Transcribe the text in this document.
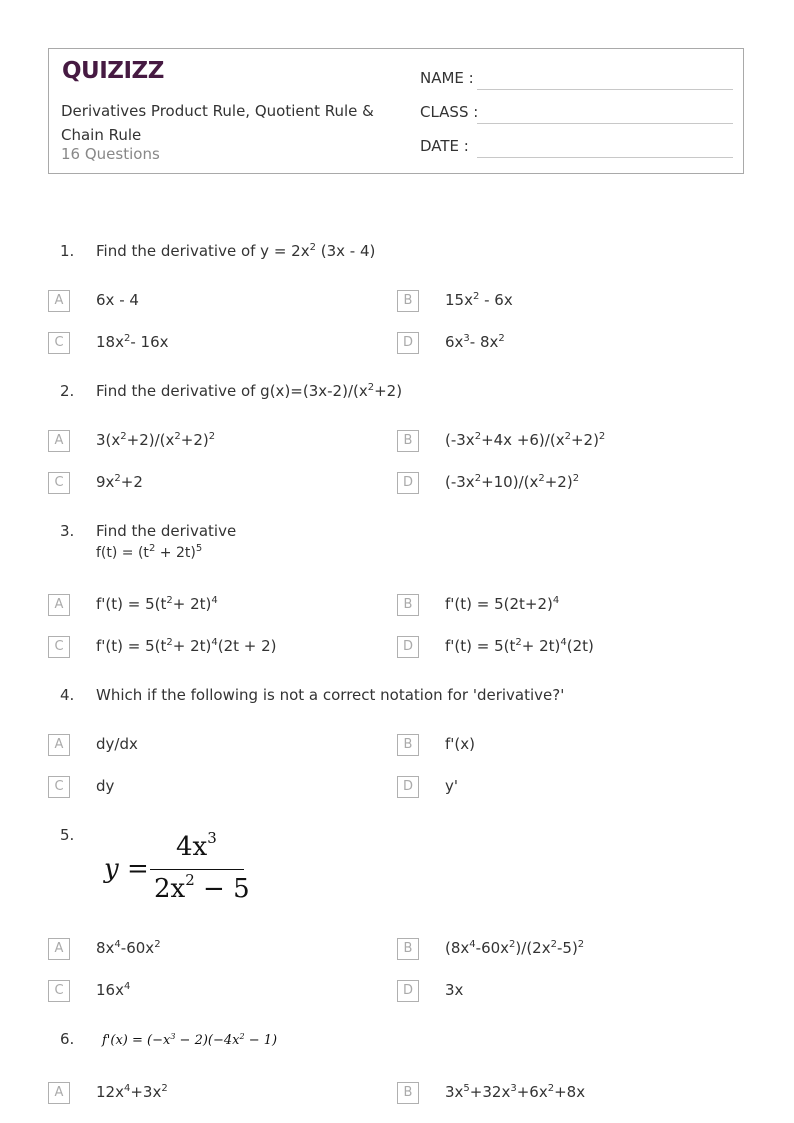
QUIZIZZ
Derivatives Product Rule, Quotient Rule & Chain Rule
16 Questions
NAME :
CLASS :
DATE :
1. Find the derivative of $y = 2x^2$ (3x - 4)
A	6x - 4	B	$15x^2 - 6x$
C	$18x^2-$ 16x	D	$6x^3-$ $8x^2$
2. Find the derivative of $g(x)=(3x-2)/(x^2+2)$
A	$3(x^2+2)/(x^2+2)^2$	B	$(-3x^2+4x +6)/(x^2+2)^2$
C	$9x^2+2$	D	$(-3x^2+10)/(x^2+2)^2$
3. Find the derivative
$f(t) = (t^2 + 2t)^5$
A	$f'(t) = 5(t^2+ 2t)^4$	B	$f'(t) = 5(2t+2)^4$
C	$f'(t) = 5(t^2+ 2t)^4(2t + 2)$	D	$f'(t) = 5(t^2+ 2t)^4(2t)$
4. Which if the following is not a correct notation for 'derivative?'
A	dy/dx	B	f'(x)
C	dy	D	y'
5.
y =
$4x^3$
$2x^2 - 5$
A	$8x^4-60x^2$	B	$(8x^4-60x^2)/(2x^2-5)^2$
C	$16x^4$	D	3x
6. $f'(x) = (-x^3 - 2)(-4x^2 - 1)$
A	$12x^4+3x^2$	B	$3x^5+32x^3+6x^2+8x$
